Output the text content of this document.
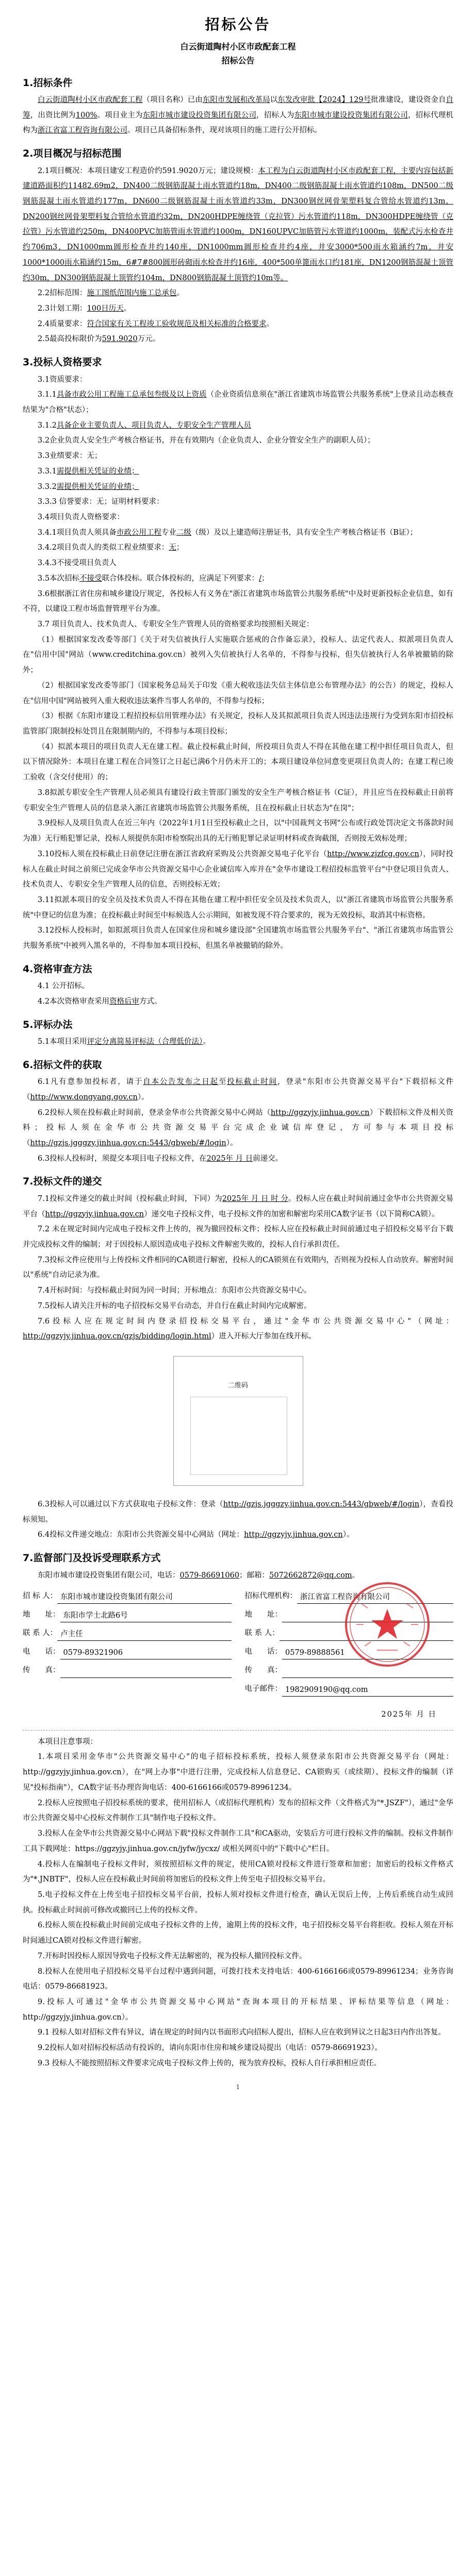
招标公告
白云街道陶村小区市政配套工程
招标公告
1.招标条件

白云街道陶村小区市政配套工程（项目名称）已由东阳市发展和改革局以东发改审批【2024】129号批准建设，建设资金自自筹，出资比例为100%。项目业主为东阳市城市建设投资集团有限公司，招标人为东阳市城市建设投资集团有限公司，招标代理机构为浙江省富工程咨询有限公司。项目已具备招标条件，现对该项目的施工进行公开招标。

2.项目概况与招标范围

2.1项目概况：本项目建安工程造价约591.9020万元；建设规模：本工程为白云街道陶村小区市政配套工程，主要内容包括新建道路面积约11482.69m2，DN400二级钢筋混凝土雨水管道约18m，DN400二级钢筋混凝土雨水管道约108m，DN500二级钢筋混凝土雨水管道约177m，DN600二级钢筋混凝土雨水管道约33m，DN300钢丝网骨架塑料复合管给水管道约13m，DN200钢丝网骨架塑料复合管给水管道约32m，DN200HDPE缠绕管（克拉管）污水管道约118m，DN300HDPE缠绕管（克拉管）污水管道约250m，DN400PVC加筋管雨水管道约1000m，DN160UPVC加筋管污水管道约1000m，装配式污水检查井约706m3，DN1000mm圆形检查井约140座，DN1000mm圆形检查井约4座，井安3000*500雨水箱涵约7m，井安1000*1000雨水箱涵约15m，6#7#800圆形砖砌雨水检查井约16座，400*500单篦雨水口约181座，DN1200钢筋混凝土顶管约30m，DN300钢筋混凝土顶管约104m，DN800钢筋混凝土顶管约10m等。

2.2招标范围：施工图纸范围内施工总承包。

2.3计划工期：100日历天。

2.4质量要求：符合国家有关工程竣工验收规范及相关标准的合格要求。

2.5最高投标限价为591.9020万元。

3.投标人资格要求

3.1资质要求：

3.1.1具备市政公用工程施工总承包叁级及以上资质（企业资质信息须在"浙江省建筑市场监管公共服务系统"上登录且动态核查结果为"合格"状态）；

3.1.2具备企业主要负责人、项目负责人、专职安全生产管理人员

3.2企业负责人安全生产考核合格证书，并在有效期内（企业负责人、企业分管安全生产的副职人员）；

3.3业绩要求：无；

3.3.1需提供相关凭证的业绩；

3.3.2需提供相关凭证的业绩；

3.3.3 信誉要求：无；证明材料要求：

3.4项目负责人资格要求：

3.4.1项目负责人须具备市政公用工程专业二级（级）及以上建造师注册证书，具有安全生产考核合格证书（B证）；

3.4.2项目负责人的类似工程业绩要求：无；

3.4.3不接受项目负责人

3.5本次招标不接受联合体投标。联合体投标的，应满足下列要求：/；

3.6根据浙江省住房和城乡建设厅规定，各投标人有义务在"浙江省建筑市场监管公共服务系统"中及时更新投标企业信息，如有不符，以建设工程市场监督管理平台为准。

3.7 项目负责人、技术负责人、专职安全生产管理人员的资格要求均按照相关规定：

（1）根据国家发改委等部门《关于对失信被执行人实施联合惩戒的合作备忘录》，投标人、法定代表人、拟派项目负责人在"信用中国"网站（www.creditchina.gov.cn）被列入失信被执行人名单的，不得参与投标，但失信被执行人名单被撤销的除外；

（2）根据国家发改委等部门（国家税务总局关于印发《重大税收违法失信主体信息公布管理办法》的公告）的规定，投标人在"信用中国"网站被列入重大税收违法案件当事人名单的，不得参与投标；

（3）根据《东阳市建设工程招投标信用管理办法》有关规定，投标人及其拟派项目负责人因违法违规行为受到东阳市招投标监管部门限制投标处罚且在限制期内的，不得参与本项目投标；

（4）拟派本项目的项目负责人无在建工程。截止投标截止时间，所投项目负责人不得在其他在建工程中担任项目负责人，但以下情况除外：本项目在建工程在合同签订之日起已满6个月仍未开工的；本项目建设单位同意变更项目负责人的；在建工程已竣工验收（含交付使用）的；

3.8拟派专职安全生产管理人员必须具有建设行政主管部门颁发的安全生产考核合格证书（C证），并且应当在投标截止日前将专职安全生产管理人员的信息录入浙江省建筑市场监管公共服务系统，且在投标截止日状态为"在岗"；

3.9投标人及项目负责人在近三年内（2022年1月1日至投标截止之日，以"中国裁判文书网"公布或行政处罚决定文书落款时间为准）无行贿犯罪记录，投标人须提供东阳市检察院出具的无行贿犯罪记录证明材料或查询截图，否则按无效标处理；

3.10投标人须在投标截止日前登记注册在浙江省政府采购及公共资源交易电子化平台（http://www.zjzfcg.gov.cn），同时投标人在截止时间之前须已完成金华市公共资源交易中心企业诚信库入库并在"金华市建设工程招投标监管平台"中登记项目负责人、技术负责人、专职安全生产管理人员的信息，否则投标无效；

3.11拟派本项目的安全员及技术负责人不得在其他在建工程中担任安全员及技术负责人，以"浙江省建筑市场监管公共服务系统"中登记的信息为准；在投标截止时间至中标候选人公示期间，如被发现不符合要求的，视为无效投标，取消其中标资格。

3.12投标人投标时，如拟派项目负责人在国家住房和城乡建设部"全国建筑市场监管公共服务平台"、"浙江省建筑市场监管公共服务系统"中被列入黑名单的，不得参加本项目投标，但黑名单被撤销的除外。

4.资格审查方法

4.1 公开招标。

4.2本次资格审查采用资格后审方式。

5.评标办法

5.1本项目采用评定分离简易评标法（合理低价法）。

6.招标文件的获取

6.1凡有意参加投标者，请于自本公告发布之日起至投标截止时间，登录"东阳市公共资源交易平台"下载招标文件（http://www.dongyang.gov.cn）。

6.2投标人须在投标截止时间前，登录金华市公共资源交易中心网站（http://ggzyjy.jinhua.gov.cn）下载招标文件及相关资料；投标人须在金华市公共资源交易平台完成企业诚信库登记，方可参与本项目投标（http://gzjs.jgggzy.jinhua.gov.cn:5443/gbweb/#/login）。

6.3投标人投标时，须提交本项目电子投标文件，在2025年 月 日前递交。

7.投标文件的递交

7.1投标文件递交的截止时间（投标截止时间，下同）为2025年 月 日 时 分。投标人应在截止时间前通过金华市公共资源交易平台（http://ggzyjy.jinhua.gov.cn）递交电子投标文件，电子投标文件的加密和解密均采用CA数字证书（以下简称CA锁）。

7.2 未在规定时间内完成电子投标文件上传的，视为撤回投标文件；投标人应在投标截止时间前通过电子招投标交易平台下载并完成投标文件的编制；对于因投标人原因造成电子投标文件解密失败的，投标人自行承担责任。

7.3投标文件应使用与上传投标文件相同的CA锁进行解密，投标人的CA锁须在有效期内，否则视为投标人自动放弃。解密时间以"系统"自动记录为准。

7.4开标时间：与投标截止时间为同一时间；开标地点：东阳市公共资源交易中心。

7.5投标人请关注开标的电子招投标交易平台动态，并自行在截止时间内完成解密。

7.6投标人应在规定时间内登录招投标交易平台，通过"金华市公共资源交易中心"（网址：http://ggzyjy.jinhua.gov.cn/gzjs/bidding/login.html）进入开标大厅参加在线开标。

二维码

6.3投标人可以通过以下方式获取电子投标文件：登录（http://gzjs.jgggzy.jinhua.gov.cn:5443/gbweb/#/login），查看投标须知。

6.4投标文件递交地点：东阳市公共资源交易中心网站（网址：http://ggzyjy.jinhua.gov.cn）。

7.监督部门及投诉受理联系方式

东阳市城市建设投资集团有限公司，电话：0579-86691060；邮箱：5072662872@qq.com。

招 标 人： 东阳市城市建设投资集团有限公司
地　　址： 东阳市学士北路6号
联 系 人： 卢主任
电　　话： 0579-89321906
传　　真：
招标代理机构： 浙江省富工程咨询有限公司
地　　址：
联 系 人：
电　　话： 0579-89888561
传　　真：
电子邮件： 1982909190@qq.com
2025年 月 日

本项目注意事项：

1.本项目采用金华市"公共资源交易中心"的电子招标投标系统，投标人须登录东阳市公共资源交易平台（网址：http://ggzyjy.jinhua.gov.cn），在"网上办事"中进行注册，完成投标人信息登记、CA锁购买（或续期）、投标文件的编制（详见"投标指南"），CA数字证书办理咨询电话：400-6166166或0579-89961234。

2.投标人应按照电子招投标系统的要求，使用招标人（或招标代理机构）发布的招标文件（文件格式为"*.JSZF"），通过"金华市公共资源交易中心投标文件制作工具"制作电子投标文件。

3.投标人在金华市公共资源交易中心网站下载"投标文件制作工具"和CA驱动，安装后方可进行投标文件的编制。投标文件制作工具下载网址：https://ggzyjy.jinhua.gov.cn/jyfw/jycxz/ 或相关网页中的"下载中心"栏目。

4.投标人在编制电子投标文件时，须按照招标文件的规定，使用CA锁对投标文件进行签章和加密；加密后的投标文件格式为"*.JNBTF"，投标人应在投标截止时间前将加密后的投标文件上传至电子招投标交易平台。

5.电子投标文件在上传至电子招投标交易平台前，投标人须对投标文件进行检查，确认无误后上传，上传后系统自动生成回执。投标截止时间前可修改或撤回已上传的投标文件。

6.投标人须在投标截止时间前完成电子投标文件的上传，逾期上传的投标文件，电子招投标交易平台将拒收。投标人须在开标时间通过CA锁对投标文件进行解密。

7.开标时因投标人原因导致电子投标文件无法解密的，视为投标人撤回投标文件。

8.投标人在使用电子招投标交易平台过程中遇到问题，可拨打技术支持电话：400-6166166或0579-89961234；业务咨询电话：0579-86681923。

9.投标人可通过"金华市公共资源交易中心网站"查询本项目的开标结果、评标结果等信息（网址：http://ggzyjy.jinhua.gov.cn）。

9.1 投标人如对招标文件有异议，请在规定的时间内以书面形式向招标人提出，招标人应在收到异议之日起3日内作出答复。

9.2投标人如对招标投标活动有投诉的，请向东阳市住房和城乡建设局提出（电话：0579-86691923）。

9.3 投标人不能按照招标文件要求完成电子投标文件上传的，视为放弃投标，投标人自行承担相应责任。

1
